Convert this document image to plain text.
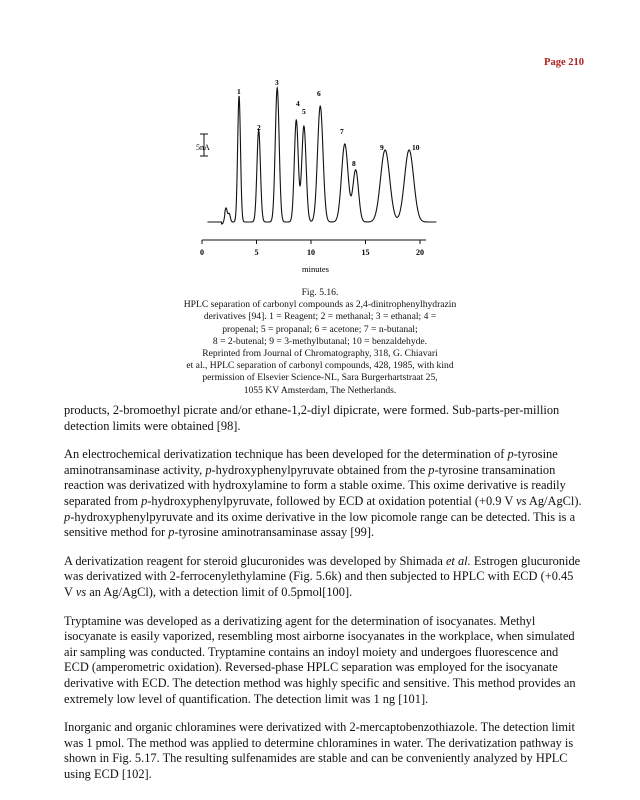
Page 210
5nA
0	5	10	15	20
1
2
3
4
5
6
7
8
9	10
minutes

Fig. 5.16.

HPLC separation of carbonyl compounds as 2,4-dinitrophenylhydrazin

derivatives [94]. 1 = Reagent; 2 = methanal; 3 = ethanal; 4 =

propenal; 5 = propanal; 6 = acetone; 7 = n-butanal;

8 = 2-butenal; 9 = 3-methylbutanal; 10 = benzaldehyde.

Reprinted from Journal of Chromatography, 318, G. Chiavari

et al., HPLC separation of carbonyl compounds, 428, 1985, with kind

permission of Elsevier Science-NL, Sara Burgerhartstraat 25,

1055 KV Amsterdam, The Netherlands.

products, 2-bromoethyl picrate and/or ethane-1,2-diyl dipicrate, were formed. Sub-parts-per-million detection limits were obtained [98].

An electrochemical derivatization technique has been developed for the determination of p-tyrosine aminotransaminase activity, p-hydroxyphenylpyruvate obtained from the p-tyrosine transamination reaction was derivatized with hydroxylamine to form a stable oxime. This oxime derivative is readily separated from p-hydroxyphenylpyruvate, followed by ECD at oxidation potential (+0.9 V vs Ag/AgCl). p-hydroxyphenylpyruvate and its oxime derivative in the low picomole range can be detected. This is a sensitive method for p-tyrosine aminotransaminase assay [99].

A derivatization reagent for steroid glucuronides was developed by Shimada et al. Estrogen glucuronide was derivatized with 2-ferrocenylethylamine (Fig. 5.6k) and then subjected to HPLC with ECD (+0.45 V vs an Ag/AgCl), with a detection limit of 0.5pmol[100].

Tryptamine was developed as a derivatizing agent for the determination of isocyanates. Methyl isocyanate is easily vaporized, resembling most airborne isocyanates in the workplace, when simulated air sampling was conducted. Tryptamine contains an indoyl moiety and undergoes fluorescence and ECD (amperometric oxidation). Reversed-phase HPLC separation was employed for the isocyanate derivative with ECD. The detection method was highly specific and sensitive. This method provides an extremely low level of quantification. The detection limit was 1 ng [101].

Inorganic and organic chloramines were derivatized with 2-mercaptobenzothiazole. The detection limit was 1 pmol. The method was applied to determine chloramines in water. The derivatization pathway is shown in Fig. 5.17. The resulting sulfenamides are stable and can be conveniently analyzed by HPLC using ECD [102].
